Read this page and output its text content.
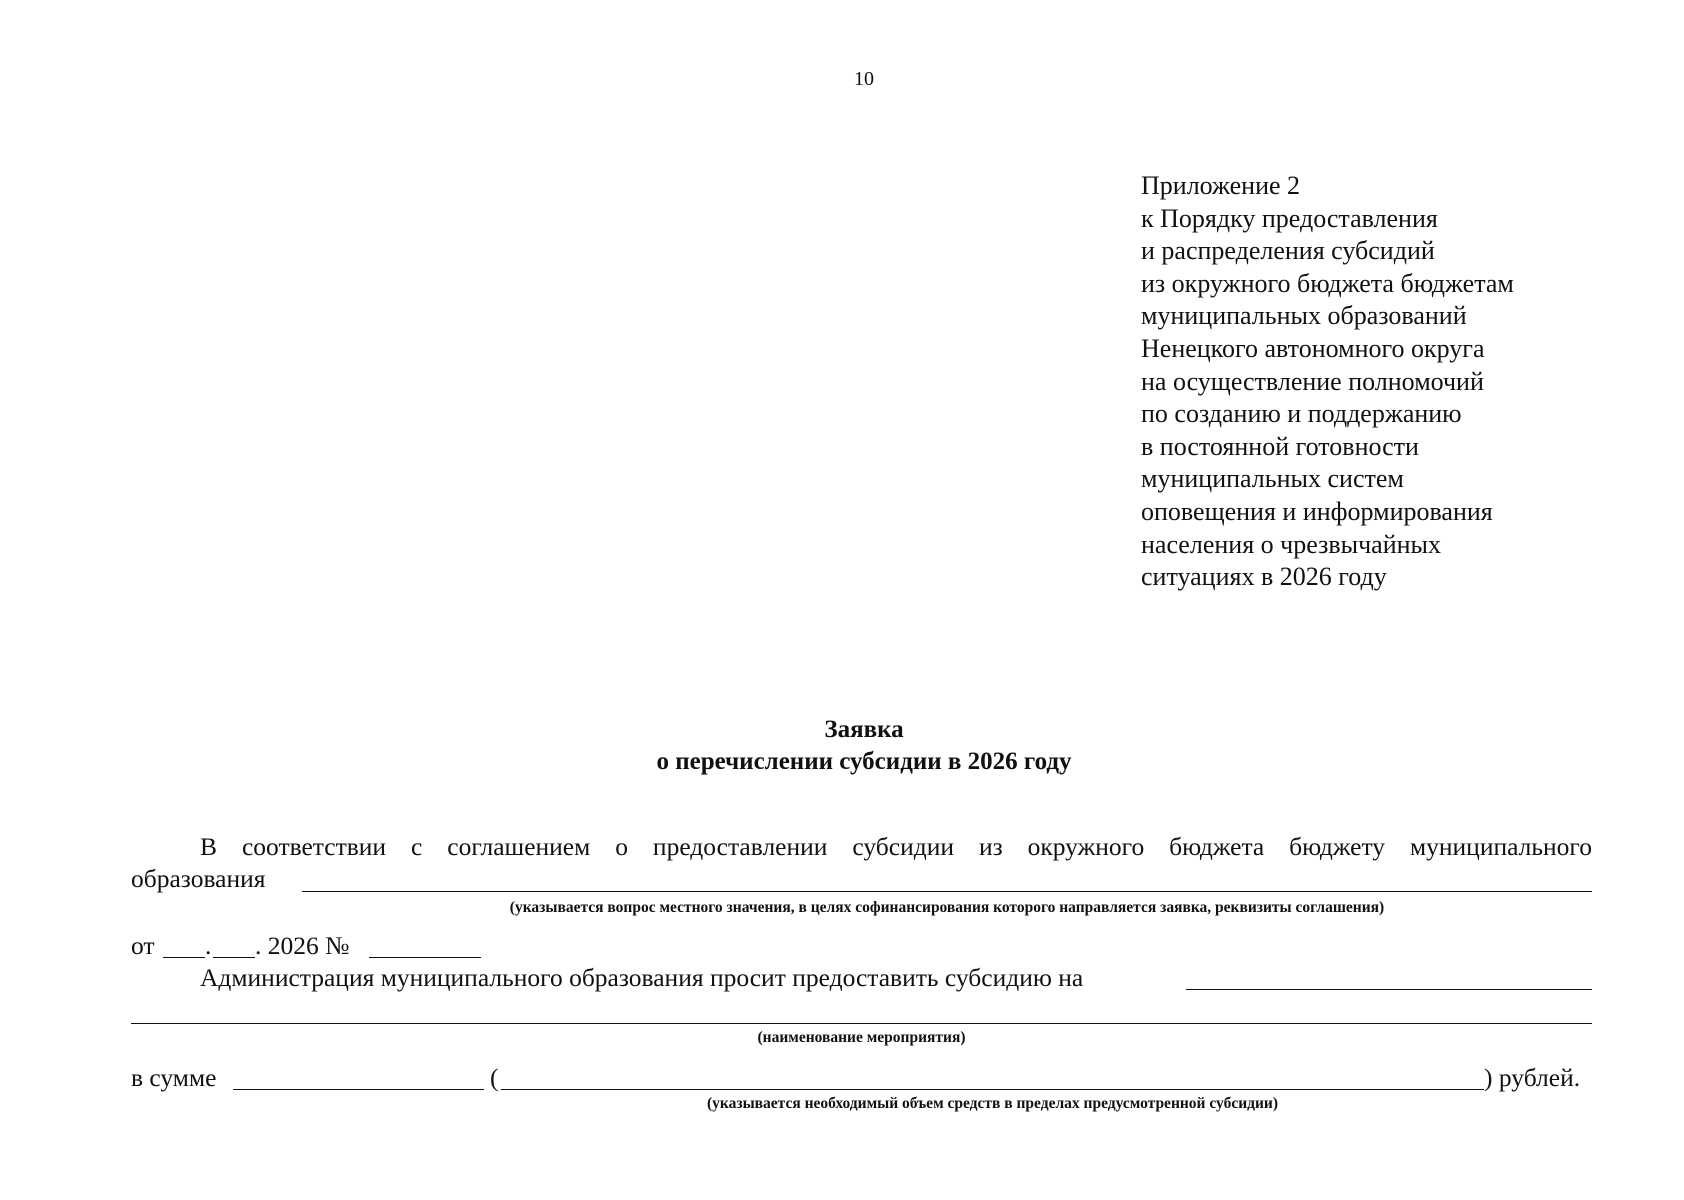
10
Приложение 2
к Порядку предоставления
и распределения субсидий
из окружного бюджета бюджетам
муниципальных образований
Ненецкого автономного округа
на осуществление полномочий
по созданию и поддержанию
в постоянной готовности
муниципальных систем
оповещения и информирования
населения о чрезвычайных
ситуациях в 2026 году
Заявка
о перечислении субсидии в 2026 году
В соответствии с соглашением о предоставлении субсидии из окружного бюджета бюджету муниципального
образования
(указывается вопрос местного значения, в целях софинансирования которого направляется заявка, реквизиты соглашения)
от . . 2026 №
Администрация муниципального образования просит предоставить субсидию на
(наименование мероприятия)
в сумме	(	) рублей.
(указывается необходимый объем средств в пределах предусмотренной субсидии)
